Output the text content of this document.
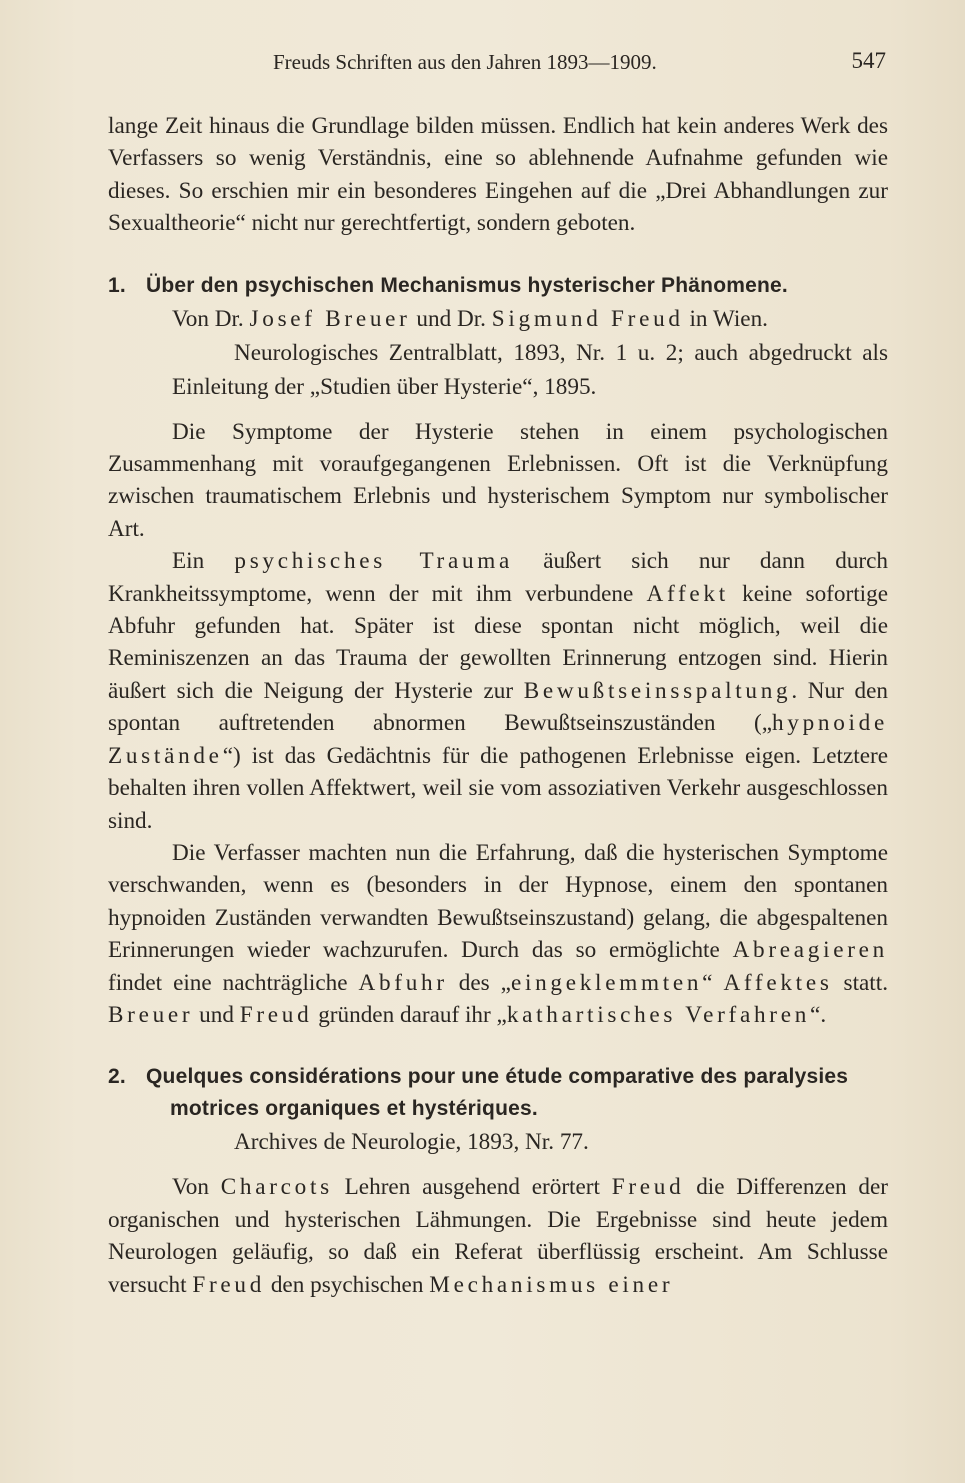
Freuds Schriften aus den Jahren 1893—1909.	547

lange Zeit hinaus die Grundlage bilden müssen. Endlich hat kein anderes Werk des Verfassers so wenig Verständnis, eine so ablehnende Aufnahme gefunden wie dieses. So erschien mir ein besonderes Eingehen auf die „Drei Abhandlungen zur Sexualtheorie“ nicht nur gerechtfertigt, sondern geboten.

1. Über den psychischen Mechanismus hysterischer Phänomene.
Von Dr. Josef Breuer und Dr. Sigmund Freud in Wien.
Neurologisches Zentralblatt, 1893, Nr. 1 u. 2; auch abgedruckt als Einleitung der „Studien über Hysterie“, 1895.

Die Symptome der Hysterie stehen in einem psychologischen Zusammenhang mit voraufgegangenen Erlebnissen. Oft ist die Verknüpfung zwischen traumatischem Erlebnis und hysterischem Symptom nur symbolischer Art.

Ein psychisches Trauma äußert sich nur dann durch Krankheitssymptome, wenn der mit ihm verbundene Affekt keine sofortige Abfuhr gefunden hat. Später ist diese spontan nicht möglich, weil die Reminiszenzen an das Trauma der gewollten Erinnerung entzogen sind. Hierin äußert sich die Neigung der Hysterie zur Bewußtseinsspaltung. Nur den spontan auftretenden abnormen Bewußtseinszuständen („hypnoide Zustände“) ist das Gedächtnis für die pathogenen Erlebnisse eigen. Letztere behalten ihren vollen Affektwert, weil sie vom assoziativen Verkehr ausgeschlossen sind.

Die Verfasser machten nun die Erfahrung, daß die hysterischen Symptome verschwanden, wenn es (besonders in der Hypnose, einem den spontanen hypnoiden Zuständen verwandten Bewußtseinszustand) gelang, die abgespaltenen Erinnerungen wieder wachzurufen. Durch das so ermöglichte Abreagieren findet eine nachträgliche Abfuhr des „eingeklemmten“ Affektes statt. Breuer und Freud gründen darauf ihr „kathartisches Verfahren“.

2. Quelques considérations pour une étude comparative des paralysies
motrices organiques et hystériques.
Archives de Neurologie, 1893, Nr. 77.

Von Charcots Lehren ausgehend erörtert Freud die Differenzen der organischen und hysterischen Lähmungen. Die Ergebnisse sind heute jedem Neurologen geläufig, so daß ein Referat überflüssig erscheint. Am Schlusse versucht Freud den psychischen Mechanismus einer
